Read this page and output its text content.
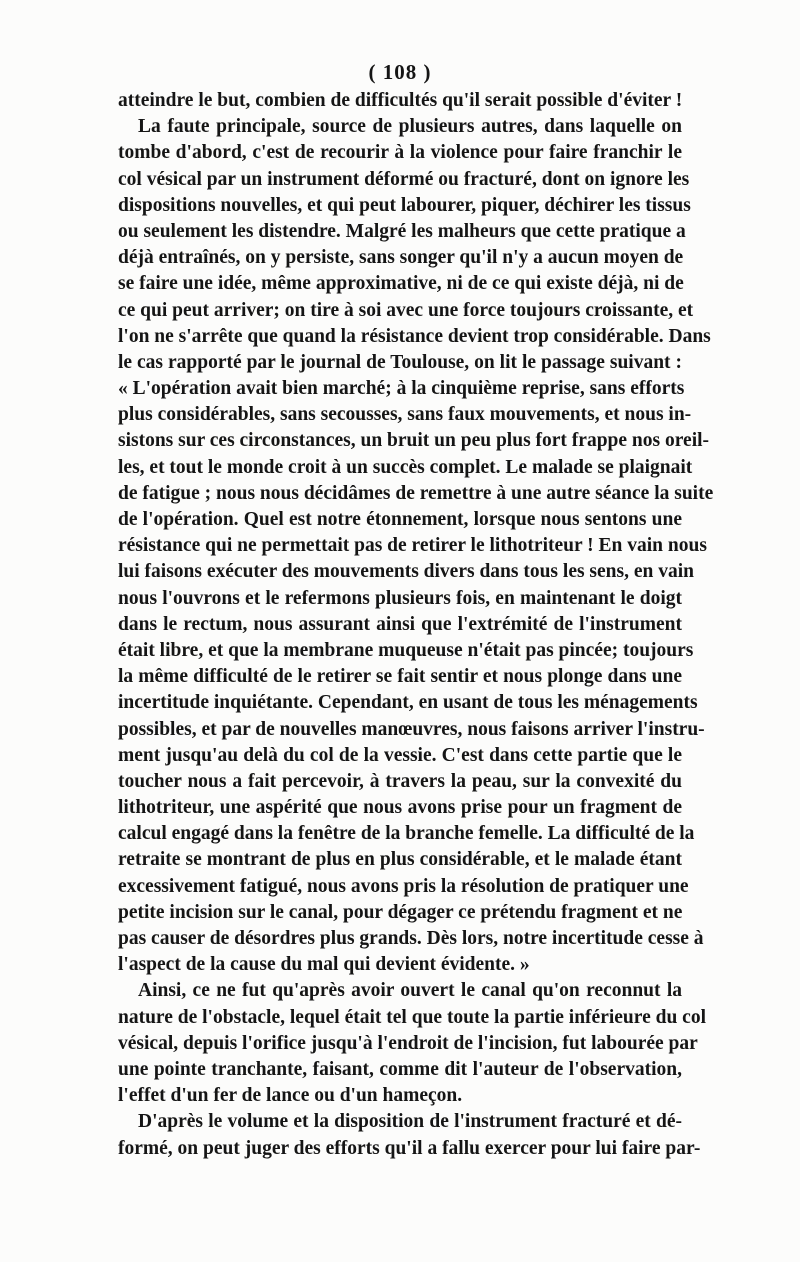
( 108 )
atteindre le but, combien de difficultés qu'il serait possible d'éviter !
La faute principale, source de plusieurs autres, dans laquelle on
tombe d'abord, c'est de recourir à la violence pour faire franchir le
col vésical par un instrument déformé ou fracturé, dont on ignore les
dispositions nouvelles, et qui peut labourer, piquer, déchirer les tissus
ou seulement les distendre. Malgré les malheurs que cette pratique a
déjà entraînés, on y persiste, sans songer qu'il n'y a aucun moyen de
se faire une idée, même approximative, ni de ce qui existe déjà, ni de
ce qui peut arriver; on tire à soi avec une force toujours croissante, et
l'on ne s'arrête que quand la résistance devient trop considérable. Dans
le cas rapporté par le journal de Toulouse, on lit le passage suivant :
« L'opération avait bien marché; à la cinquième reprise, sans efforts
plus considérables, sans secousses, sans faux mouvements, et nous in-
sistons sur ces circonstances, un bruit un peu plus fort frappe nos oreil-
les, et tout le monde croit à un succès complet. Le malade se plaignait
de fatigue ; nous nous décidâmes de remettre à une autre séance la suite
de l'opération. Quel est notre étonnement, lorsque nous sentons une
résistance qui ne permettait pas de retirer le lithotriteur ! En vain nous
lui faisons exécuter des mouvements divers dans tous les sens, en vain
nous l'ouvrons et le refermons plusieurs fois, en maintenant le doigt
dans le rectum, nous assurant ainsi que l'extrémité de l'instrument
était libre, et que la membrane muqueuse n'était pas pincée; toujours
la même difficulté de le retirer se fait sentir et nous plonge dans une
incertitude inquiétante. Cependant, en usant de tous les ménagements
possibles, et par de nouvelles manœuvres, nous faisons arriver l'instru-
ment jusqu'au delà du col de la vessie. C'est dans cette partie que le
toucher nous a fait percevoir, à travers la peau, sur la convexité du
lithotriteur, une aspérité que nous avons prise pour un fragment de
calcul engagé dans la fenêtre de la branche femelle. La difficulté de la
retraite se montrant de plus en plus considérable, et le malade étant
excessivement fatigué, nous avons pris la résolution de pratiquer une
petite incision sur le canal, pour dégager ce prétendu fragment et ne
pas causer de désordres plus grands. Dès lors, notre incertitude cesse à
l'aspect de la cause du mal qui devient évidente. »
Ainsi, ce ne fut qu'après avoir ouvert le canal qu'on reconnut la
nature de l'obstacle, lequel était tel que toute la partie inférieure du col
vésical, depuis l'orifice jusqu'à l'endroit de l'incision, fut labourée par
une pointe tranchante, faisant, comme dit l'auteur de l'observation,
l'effet d'un fer de lance ou d'un hameçon.
D'après le volume et la disposition de l'instrument fracturé et dé-
formé, on peut juger des efforts qu'il a fallu exercer pour lui faire par-
